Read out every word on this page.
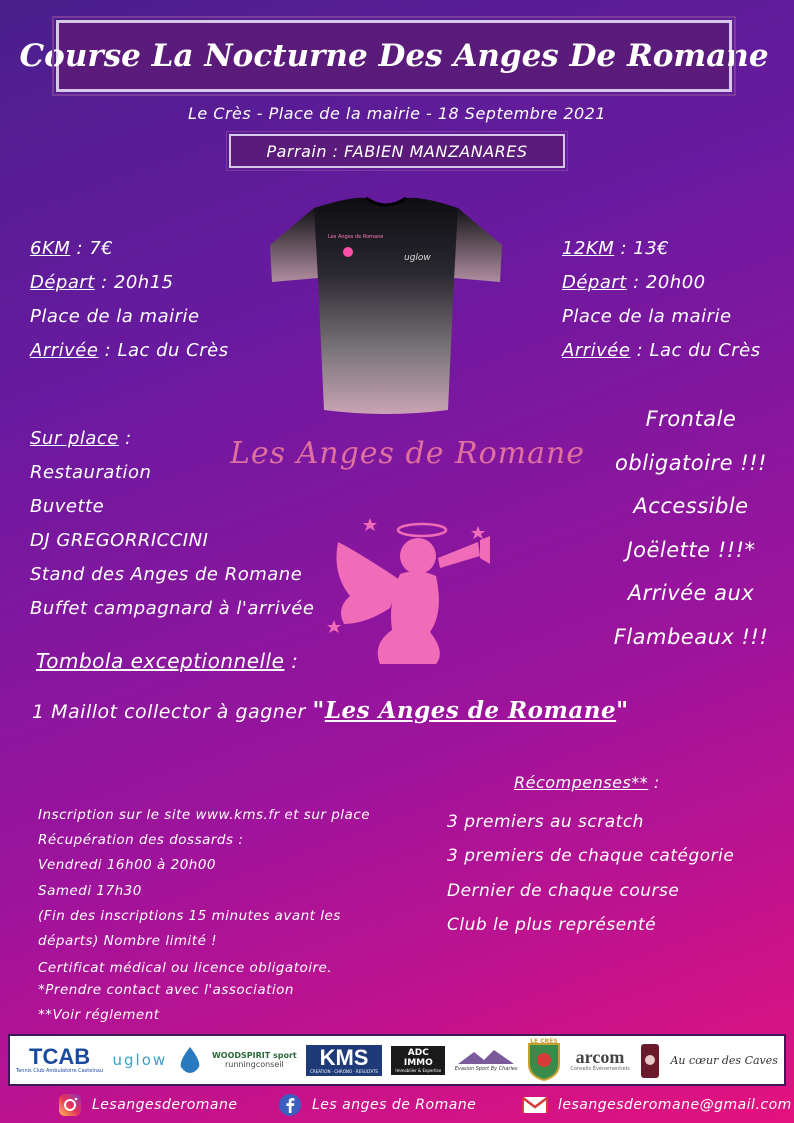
Course La Nocturne Des Anges De Romane
Le Crès - Place de la mairie - 18 Septembre 2021
Parrain : FABIEN MANZANARES
Les Anges de Romane
uglow
6KM : 7€
Départ : 20h15
Place de la mairie
Arrivée : Lac du Crès
12KM : 13€
Départ : 20h00
Place de la mairie
Arrivée : Lac du Crès
Sur place :
Restauration
Buvette
DJ GREGORRICCINI
Stand des Anges de Romane
Buffet campagnard à l'arrivée
Les Anges de Romane
Frontale
obligatoire !!!
Accessible
Joëlette !!!*
Arrivée aux
Flambeaux !!!
Tombola exceptionnelle :
1 Maillot collector à gagner "Les Anges de Romane"
Inscription sur le site www.kms.fr et sur place
Récupération des dossards :
Vendredi 16h00 à 20h00
Samedi 17h30
(Fin des inscriptions 15 minutes avant les
départs) Nombre limité !
Certificat médical ou licence obligatoire.
*Prendre contact avec l'association
**Voir réglement
Récompenses** :
3 premiers au scratch
3 premiers de chaque catégorie
Dernier de chaque course
Club le plus représenté
TCAB
Tennis Club Ambulatoire Castelnau
uglow	WOODSPIRIT sport
runningconseil KMS
CREATION · CHRONO · RESULTATS
ADC IMMO
Immobilier & Expertise	Evasion Sport By Charles
LE CRÈS
arcom
Conseils Événementiels
Au cœur des Caves
Lesangesderomane	Les anges de Romane	lesangesderomane@gmail.com
